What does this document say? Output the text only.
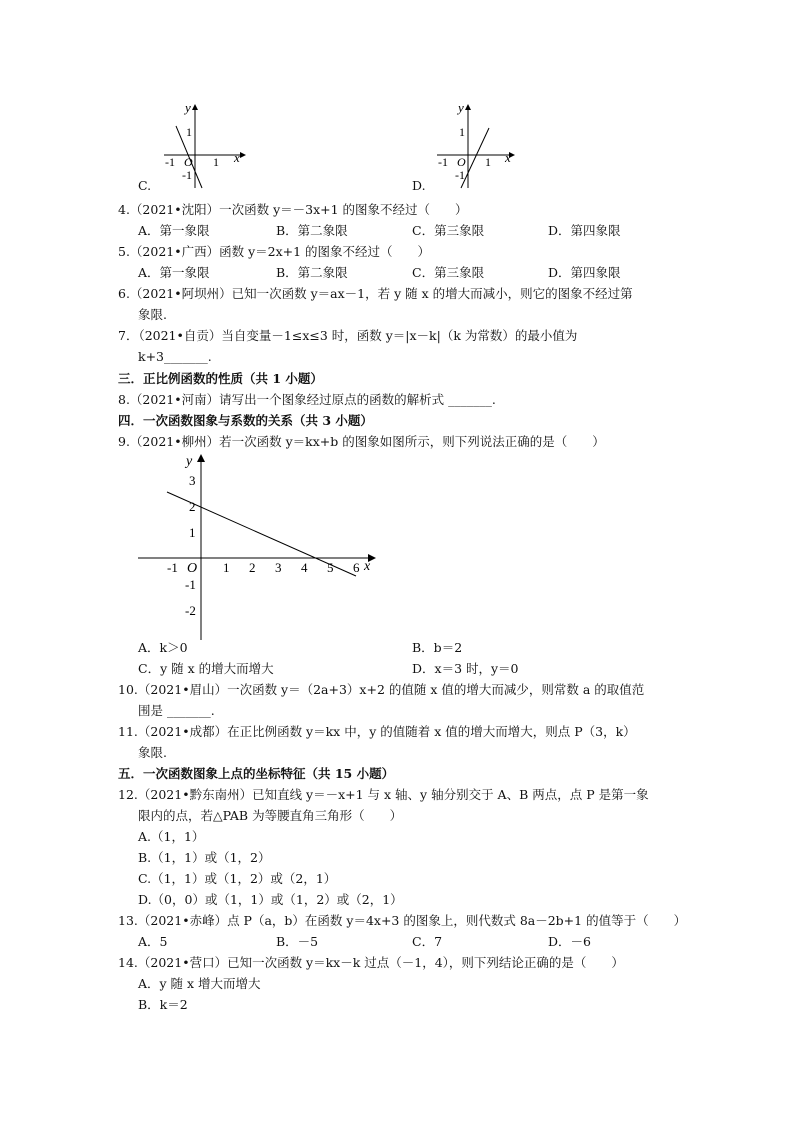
y
x
1
-1 O 1
-1
C.
y
x
1
-1 O 1
-1
D.
4.（2021•沈阳）一次函数 y＝－3x+1 的图象不经过（　　）
A．第一象限	B．第二象限	C．第三象限	D．第四象限
5.（2021•广西）函数 y＝2x+1 的图象不经过（　　）
A．第一象限	B．第二象限	C．第三象限	D．第四象限
6.（2021•阿坝州）已知一次函数 y＝ax－1，若 y 随 x 的增大而减小，则它的图象不经过第
象限.
7．（2021•自贡）当自变量－1≤x≤3 时，函数 y＝|x－k|（k 为常数）的最小值为
k+3_______.
三．正比例函数的性质（共 1 小题）
8.（2021•河南）请写出一个图象经过原点的函数的解析式 _______.
四．一次函数图象与系数的关系（共 3 小题）
9.（2021•柳州）若一次函数 y＝kx+b 的图象如图所示，则下列说法正确的是（　　）
y
x
O
-1	1 2 3 4 5 6
3
2
1
-1
-2
A．k＞0	B．b＝2
C．y 随 x 的增大而增大	D．x＝3 时，y＝0
10.（2021•眉山）一次函数 y＝（2a+3）x+2 的值随 x 值的增大而减少，则常数 a 的取值范
围是 _______.
11.（2021•成都）在正比例函数 y＝kx 中，y 的值随着 x 值的增大而增大，则点 P（3，k）
象限.
五．一次函数图象上点的坐标特征（共 15 小题）
12.（2021•黔东南州）已知直线 y＝－x+1 与 x 轴、y 轴分别交于 A、B 两点，点 P 是第一象
限内的点，若△PAB 为等腰直角三角形（　　）
A.（1，1）
B.（1，1）或（1，2）
C.（1，1）或（1，2）或（2，1）
D.（0，0）或（1，1）或（1，2）或（2，1）
13.（2021•赤峰）点 P（a，b）在函数 y＝4x+3 的图象上，则代数式 8a－2b+1 的值等于（　　）
A．5	B．－5	C．7	D．－6
14.（2021•营口）已知一次函数 y＝kx－k 过点（－1，4），则下列结论正确的是（　　）
A．y 随 x 增大而增大
B．k＝2
